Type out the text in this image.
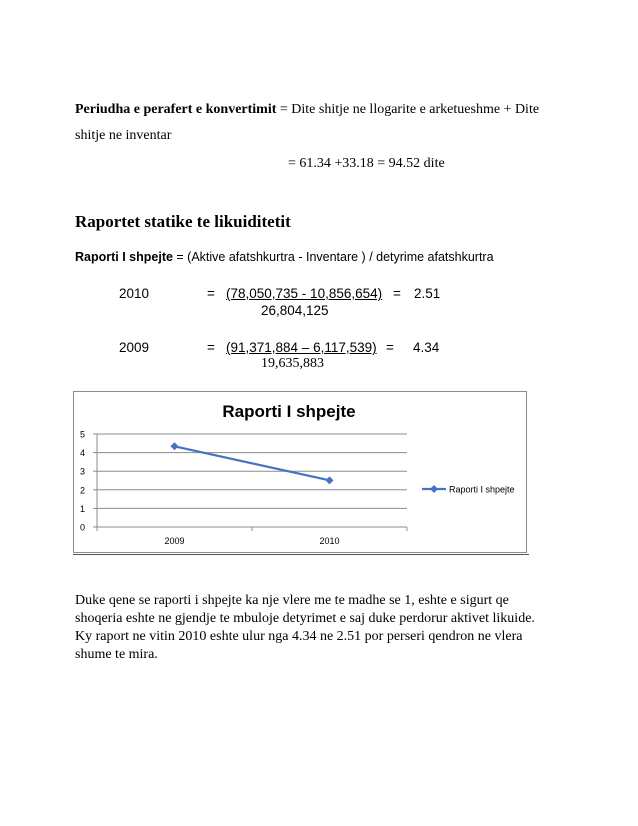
Periudha e perafert e konvertimit = Dite shitje ne llogarite e arketueshme + Dite
shitje ne inventar
= 61.34 +33.18 = 94.52 dite
Raportet statike te likuiditetit
Raporti I shpejte = (Aktive afatshkurtra - Inventare ) / detyrime afatshkurtra
2010	= (78,050,735 - 10,856,654) = 2.51
26,804,125
2009	= (91,371,884 – 6,117,539) = 4.34
19,635,883
Raporti I shpejte
0
1
2
3
4
5
2009	2010
Raporti I shpejte
Duke qene se raporti i shpejte ka nje vlere me te madhe se 1, eshte e sigurt qe
shoqeria eshte ne gjendje te mbuloje detyrimet e saj duke perdorur aktivet likuide.
Ky raport ne vitin 2010 eshte ulur nga 4.34 ne 2.51 por perseri qendron ne vlera
shume te mira.
